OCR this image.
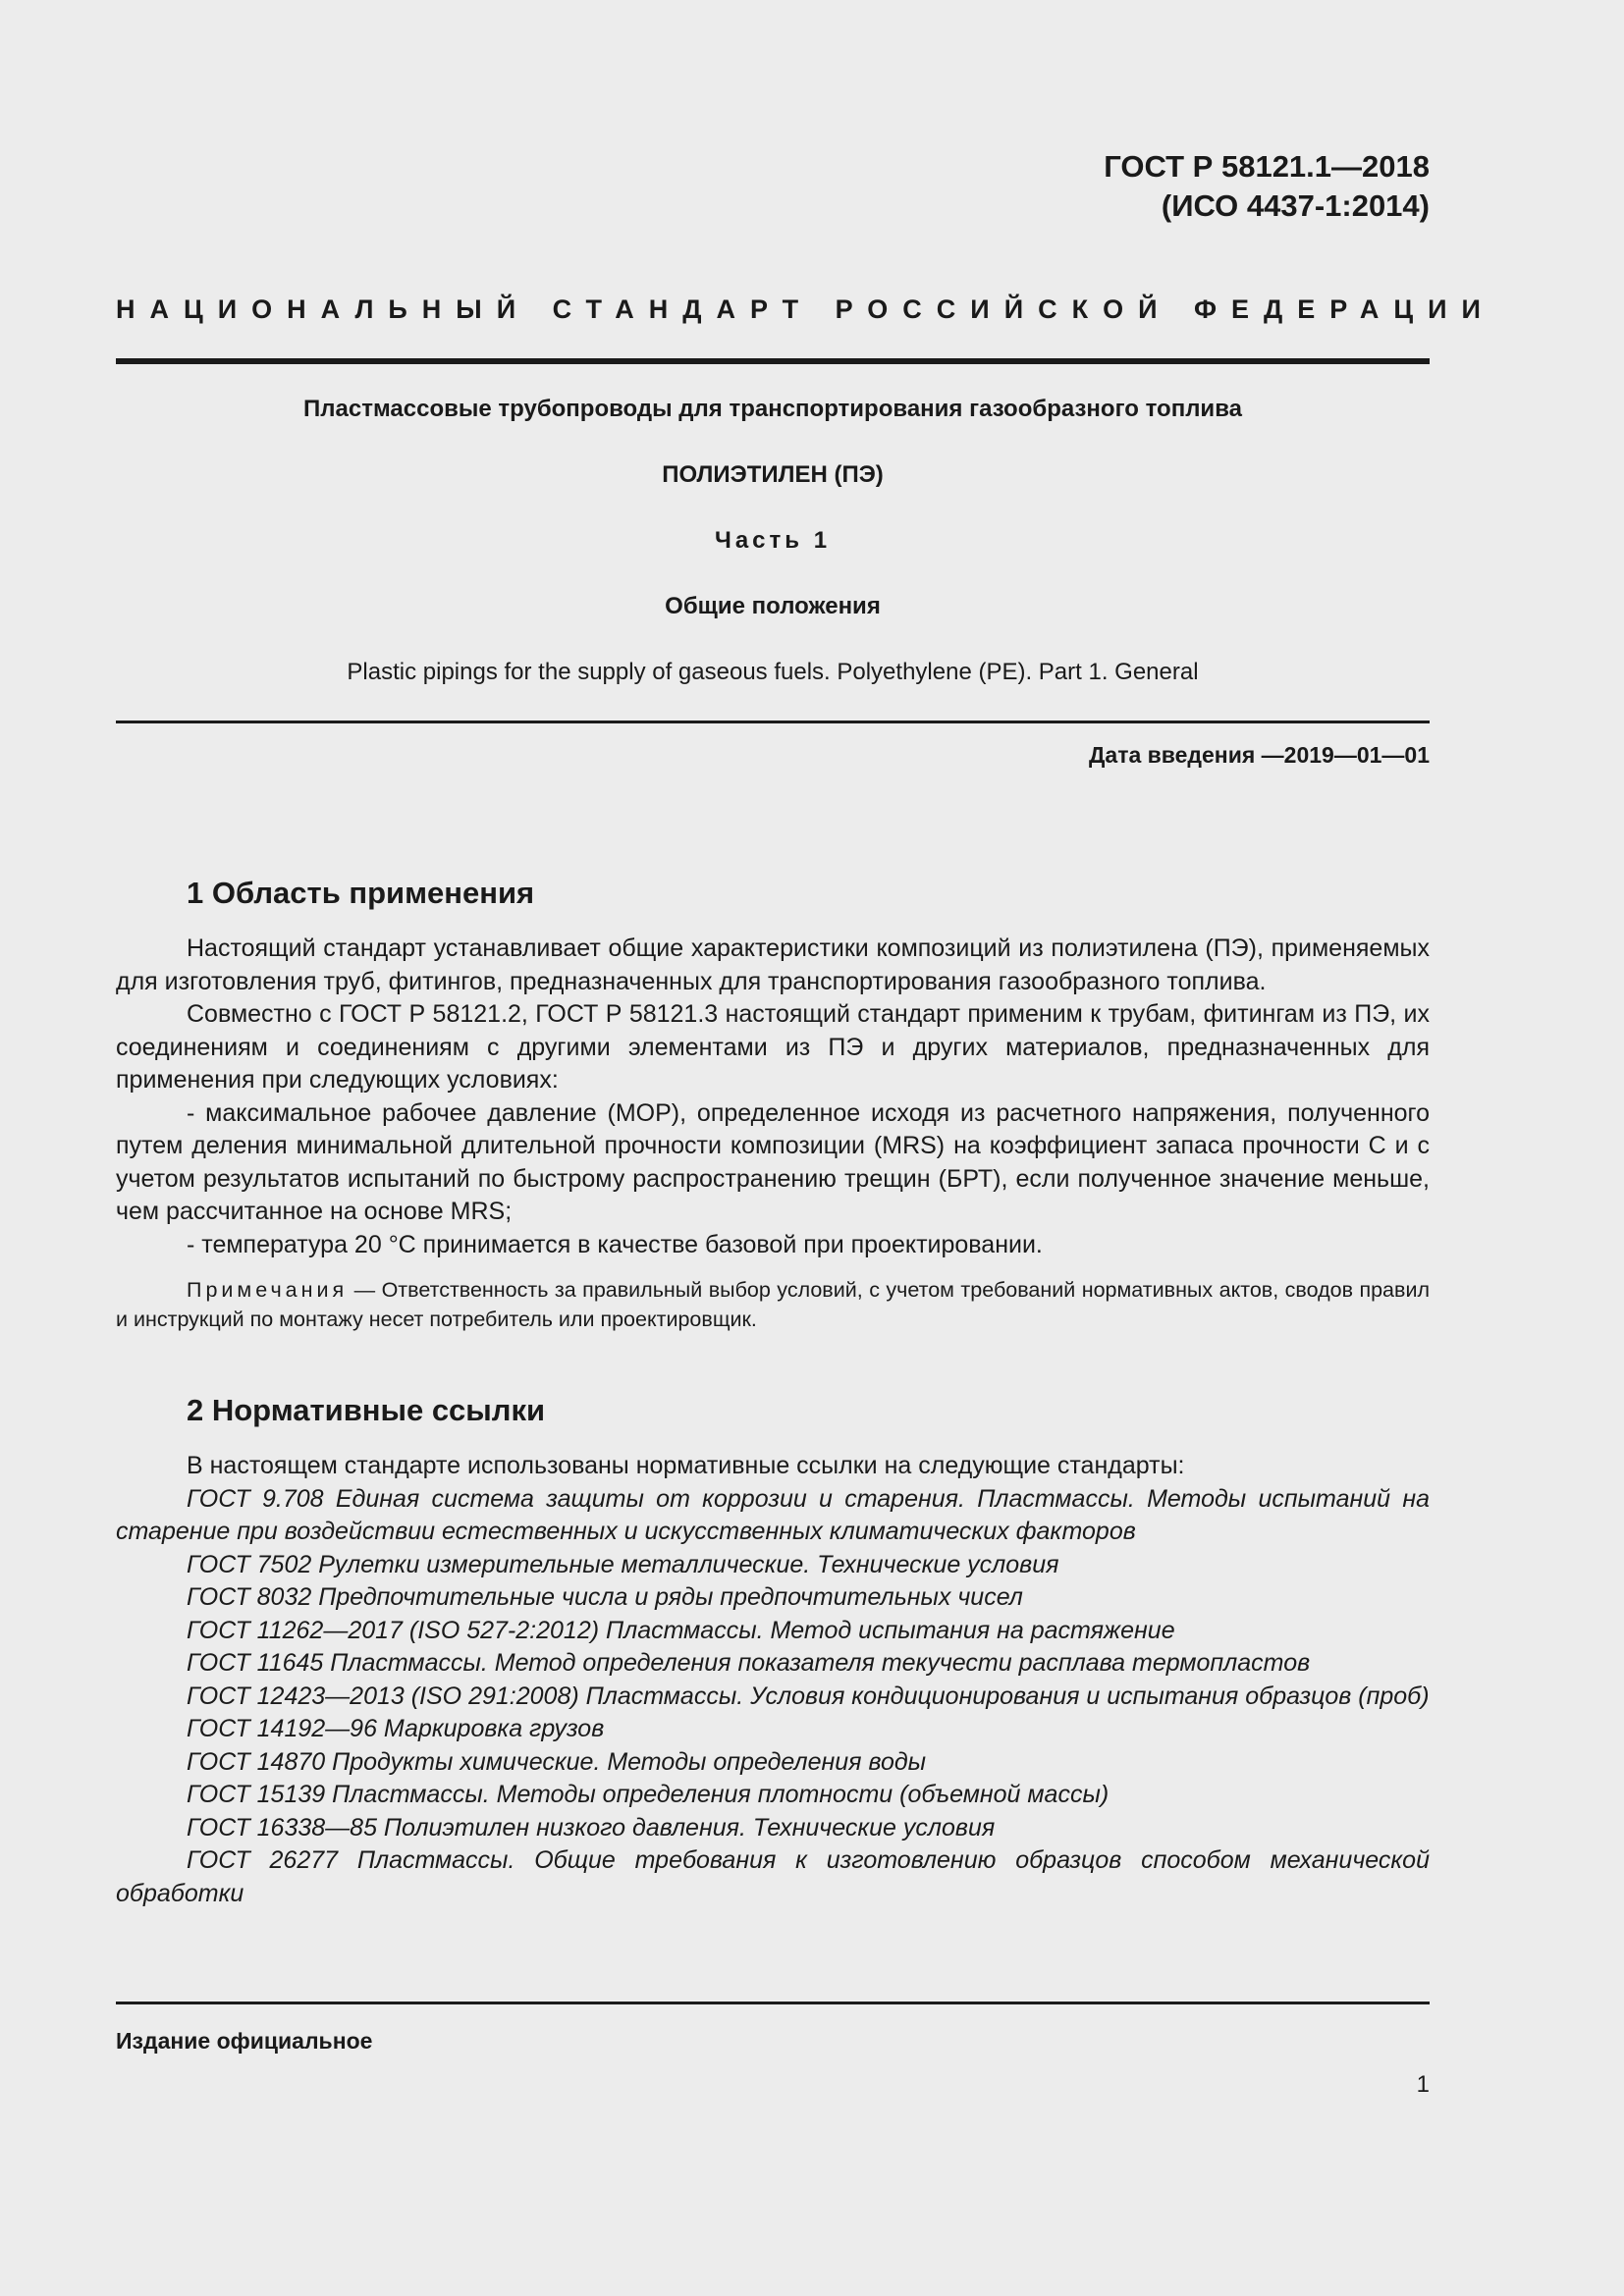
ГОСТ Р 58121.1—2018
(ИСО 4437-1:2014)
НАЦИОНАЛЬНЫЙ СТАНДАРТ РОССИЙСКОЙ ФЕДЕРАЦИИ
Пластмассовые трубопроводы для транспортирования газообразного топлива
ПОЛИЭТИЛЕН (ПЭ)
Часть 1
Общие положения
Plastic pipings for the supply of gaseous fuels. Polyethylene (PE). Part 1. General
Дата введения —2019—01—01
1 Область применения

Настоящий стандарт устанавливает общие характеристики композиций из полиэтилена (ПЭ), применяемых для изготовления труб, фитингов, предназначенных для транспортирования газообразного топлива.

Совместно с ГОСТ Р 58121.2, ГОСТ Р 58121.3 настоящий стандарт применим к трубам, фитингам из ПЭ, их соединениям и соединениям с другими элементами из ПЭ и других материалов, предназначенных для применения при следующих условиях:

- максимальное рабочее давление (МОР), определенное исходя из расчетного напряжения, полученного путем деления минимальной длительной прочности композиции (MRS) на коэффициент запаса прочности С и с учетом результатов испытаний по быстрому распространению трещин (БРТ), если полученное значение меньше, чем рассчитанное на основе MRS;

- температура 20 °С принимается в качестве базовой при проектировании.

Примечания — Ответственность за правильный выбор условий, с учетом требований нормативных актов, сводов правил и инструкций по монтажу несет потребитель или проектировщик.

2 Нормативные ссылки

В настоящем стандарте использованы нормативные ссылки на следующие стандарты:

ГОСТ 9.708 Единая система защиты от коррозии и старения. Пластмассы. Методы испытаний на старение при воздействии естественных и искусственных климатических факторов

ГОСТ 7502 Рулетки измерительные металлические. Технические условия

ГОСТ 8032 Предпочтительные числа и ряды предпочтительных чисел

ГОСТ 11262—2017 (ISO 527-2:2012) Пластмассы. Метод испытания на растяжение

ГОСТ 11645 Пластмассы. Метод определения показателя текучести расплава термопластов

ГОСТ 12423—2013 (ISO 291:2008) Пластмассы. Условия кондиционирования и испытания образцов (проб)

ГОСТ 14192—96 Маркировка грузов

ГОСТ 14870 Продукты химические. Методы определения воды

ГОСТ 15139 Пластмассы. Методы определения плотности (объемной массы)

ГОСТ 16338—85 Полиэтилен низкого давления. Технические условия

ГОСТ 26277 Пластмассы. Общие требования к изготовлению образцов способом механической обработки

Издание официальное
1
